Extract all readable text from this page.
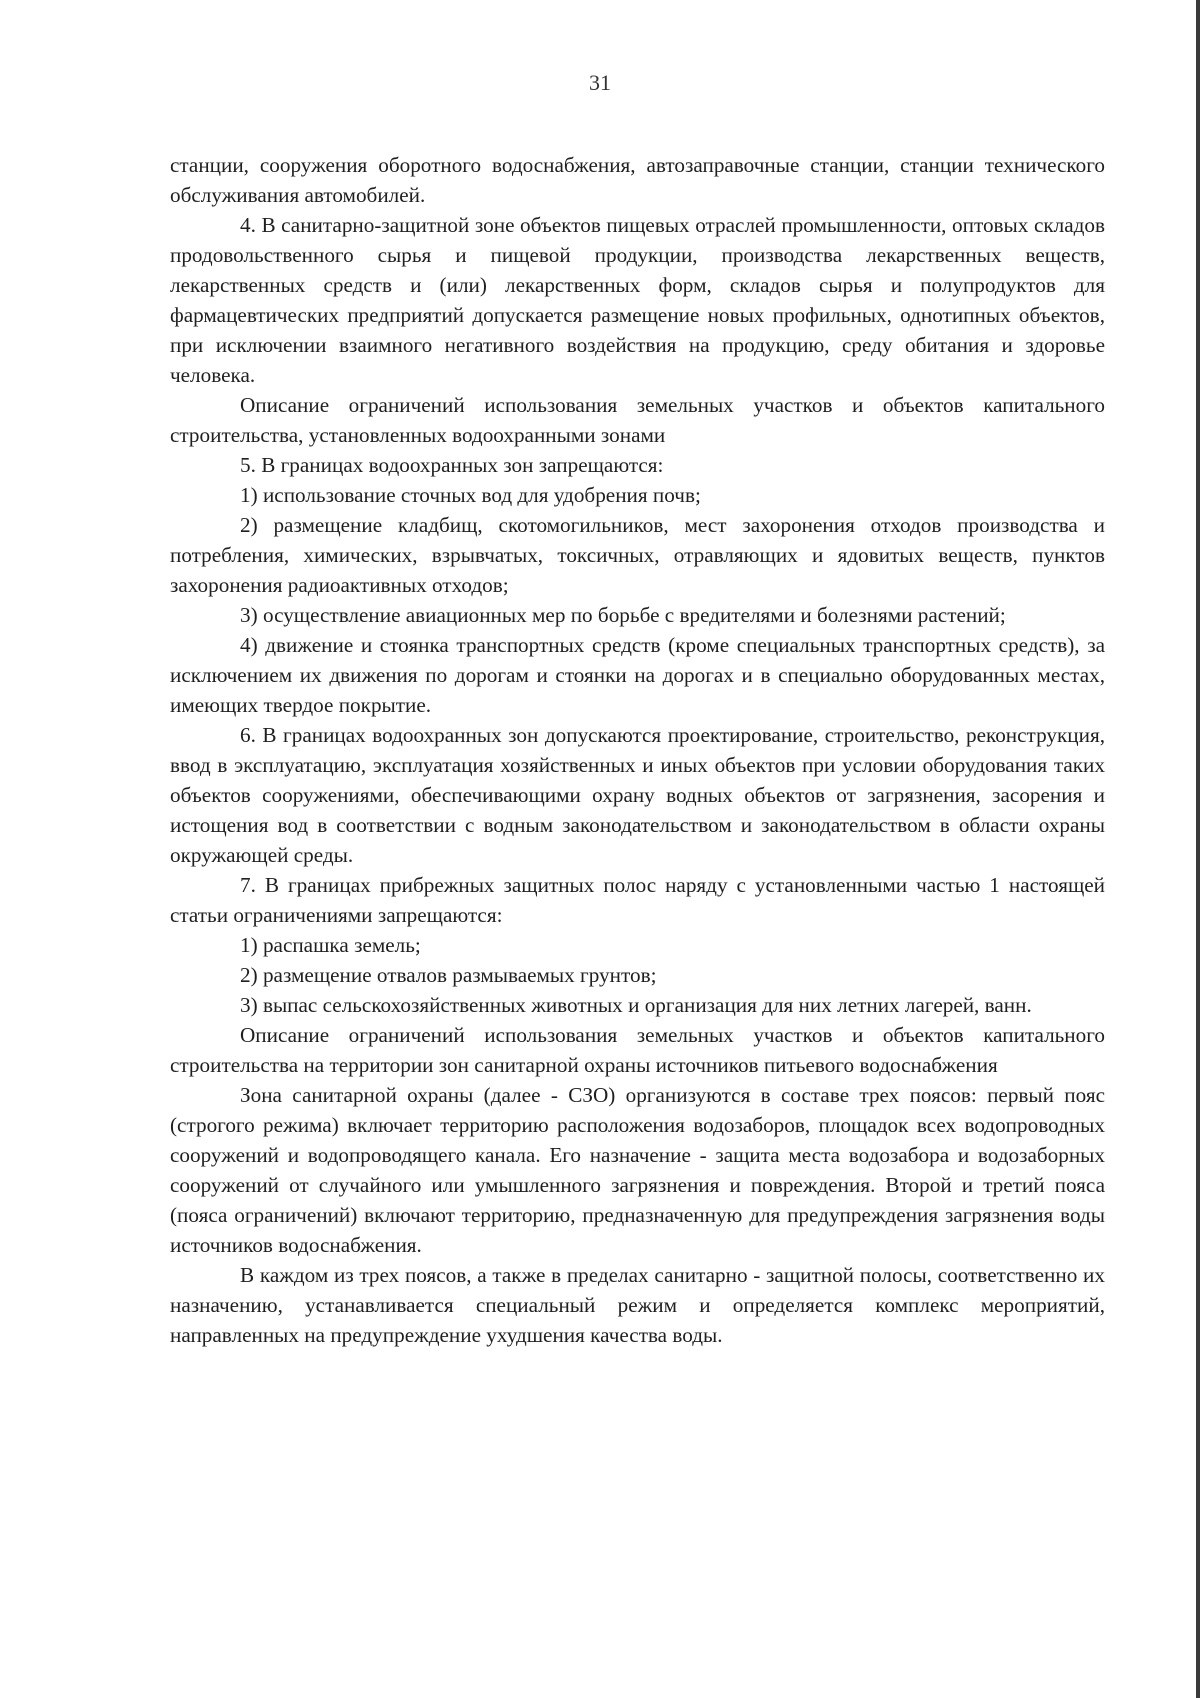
31

станции, сооружения оборотного водоснабжения, автозаправочные станции, станции технического обслуживания автомобилей.

4. В санитарно-защитной зоне объектов пищевых отраслей промышленности, оптовых складов продовольственного сырья и пищевой продукции, производства лекарственных веществ, лекарственных средств и (или) лекарственных форм, складов сырья и полупродуктов для фармацевтических предприятий допускается размещение новых профильных, однотипных объектов, при исключении взаимного негативного воздействия на продукцию, среду обитания и здоровье человека.

Описание ограничений использования земельных участков и объектов капитального строительства, установленных водоохранными зонами

5. В границах водоохранных зон запрещаются:

1) использование сточных вод для удобрения почв;

2) размещение кладбищ, скотомогильников, мест захоронения отходов производства и потребления, химических, взрывчатых, токсичных, отравляющих и ядовитых веществ, пунктов захоронения радиоактивных отходов;

3) осуществление авиационных мер по борьбе с вредителями и болезнями растений;

4) движение и стоянка транспортных средств (кроме специальных транспортных средств), за исключением их движения по дорогам и стоянки на дорогах и в специально оборудованных местах, имеющих твердое покрытие.

6. В границах водоохранных зон допускаются проектирование, строительство, реконструкция, ввод в эксплуатацию, эксплуатация хозяйственных и иных объектов при условии оборудования таких объектов сооружениями, обеспечивающими охрану водных объектов от загрязнения, засорения и истощения вод в соответствии с водным законодательством и законодательством в области охраны окружающей среды.

7. В границах прибрежных защитных полос наряду с установленными частью 1 настоящей статьи ограничениями запрещаются:

1) распашка земель;

2) размещение отвалов размываемых грунтов;

3) выпас сельскохозяйственных животных и организация для них летних лагерей, ванн.

Описание ограничений использования земельных участков и объектов капитального строительства на территории зон санитарной охраны источников питьевого водоснабжения

Зона санитарной охраны (далее - СЗО) организуются в составе трех поясов: первый пояс (строгого режима) включает территорию расположения водозаборов, площадок всех водопроводных сооружений и водопроводящего канала. Его назначение - защита места водозабора и водозаборных сооружений от случайного или умышленного загрязнения и повреждения. Второй и третий пояса (пояса ограничений) включают территорию, предназначенную для предупреждения загрязнения воды источников водоснабжения.

В каждом из трех поясов, а также в пределах санитарно - защитной полосы, соответственно их назначению, устанавливается специальный режим и определяется комплекс мероприятий, направленных на предупреждение ухудшения качества воды.
